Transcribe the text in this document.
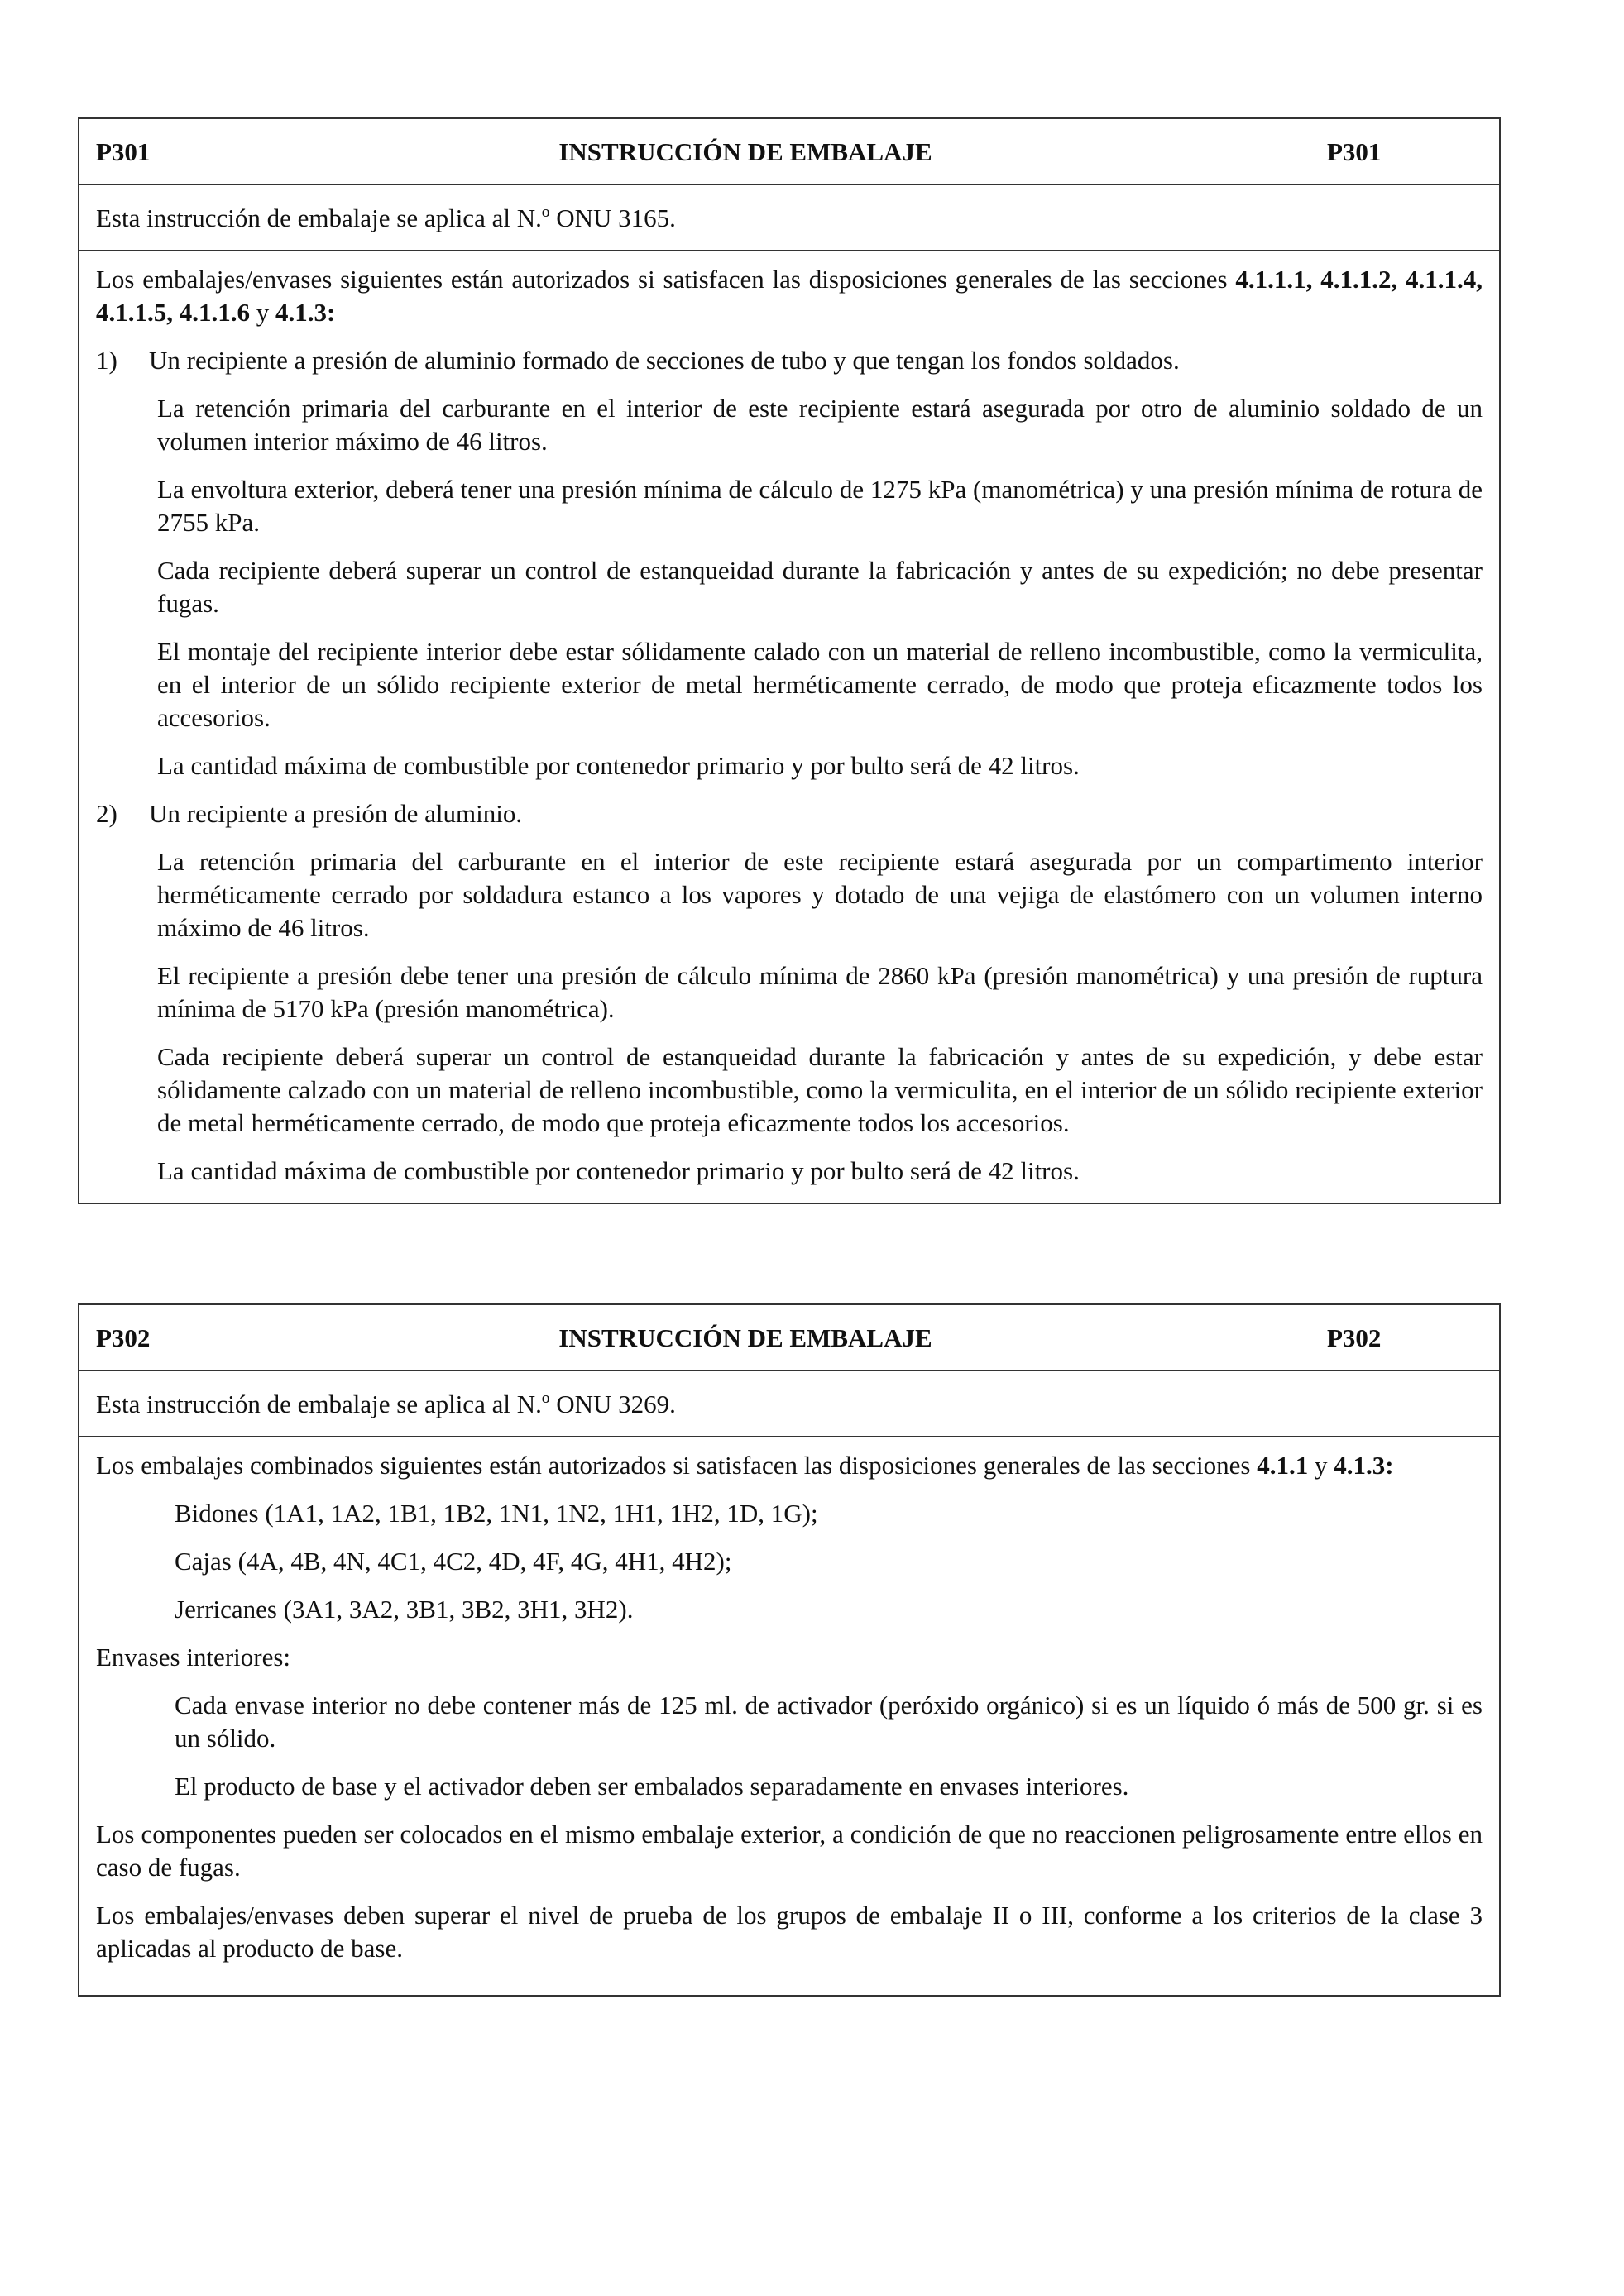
P301	INSTRUCCIÓN DE EMBALAJE	P301
Esta instrucción de embalaje se aplica al N.º ONU 3165.

Los embalajes/envases siguientes están autorizados si satisfacen las disposiciones generales de las secciones 4.1.1.1, 4.1.1.2, 4.1.1.4, 4.1.1.5, 4.1.1.6 y 4.1.3:

1)	Un recipiente a presión de aluminio formado de secciones de tubo y que tengan los fondos soldados.

La retención primaria del carburante en el interior de este recipiente estará asegurada por otro de aluminio soldado de un volumen interior máximo de 46 litros.

La envoltura exterior, deberá tener una presión mínima de cálculo de 1275 kPa (manométrica) y una presión mínima de rotura de 2755 kPa.

Cada recipiente deberá superar un control de estanqueidad durante la fabricación y antes de su expedición; no debe presentar fugas.

El montaje del recipiente interior debe estar sólidamente calado con un material de relleno incombustible, como la vermiculita, en el interior de un sólido recipiente exterior de metal herméticamente cerrado, de modo que proteja eficazmente todos los accesorios.

La cantidad máxima de combustible por contenedor primario y por bulto será de 42 litros.

2)	Un recipiente a presión de aluminio.

La retención primaria del carburante en el interior de este recipiente estará asegurada por un compartimento interior herméticamente cerrado por soldadura estanco a los vapores y dotado de una vejiga de elastómero con un volumen interno máximo de 46 litros.

El recipiente a presión debe tener una presión de cálculo mínima de 2860 kPa (presión manométrica) y una presión de ruptura mínima de 5170 kPa (presión manométrica).

Cada recipiente deberá superar un control de estanqueidad durante la fabricación y antes de su expedición, y debe estar sólidamente calzado con un material de relleno incombustible, como la vermiculita, en el interior de un sólido recipiente exterior de metal herméticamente cerrado, de modo que proteja eficazmente todos los accesorios.

La cantidad máxima de combustible por contenedor primario y por bulto será de 42 litros.

P302	INSTRUCCIÓN DE EMBALAJE	P302
Esta instrucción de embalaje se aplica al N.º ONU 3269.

Los embalajes combinados siguientes están autorizados si satisfacen las disposiciones generales de las secciones 4.1.1 y 4.1.3:

Bidones (1A1, 1A2, 1B1, 1B2, 1N1, 1N2, 1H1, 1H2, 1D, 1G);

Cajas (4A, 4B, 4N, 4C1, 4C2, 4D, 4F, 4G, 4H1, 4H2);

Jerricanes (3A1, 3A2, 3B1, 3B2, 3H1, 3H2).

Envases interiores:

Cada envase interior no debe contener más de 125 ml. de activador (peróxido orgánico) si es un líquido ó más de 500 gr. si es un sólido.

El producto de base y el activador deben ser embalados separadamente en envases interiores.

Los componentes pueden ser colocados en el mismo embalaje exterior, a condición de que no reaccionen peligrosamente entre ellos en caso de fugas.

Los embalajes/envases deben superar el nivel de prueba de los grupos de embalaje II o III, conforme a los criterios de la clase 3 aplicadas al producto de base.
